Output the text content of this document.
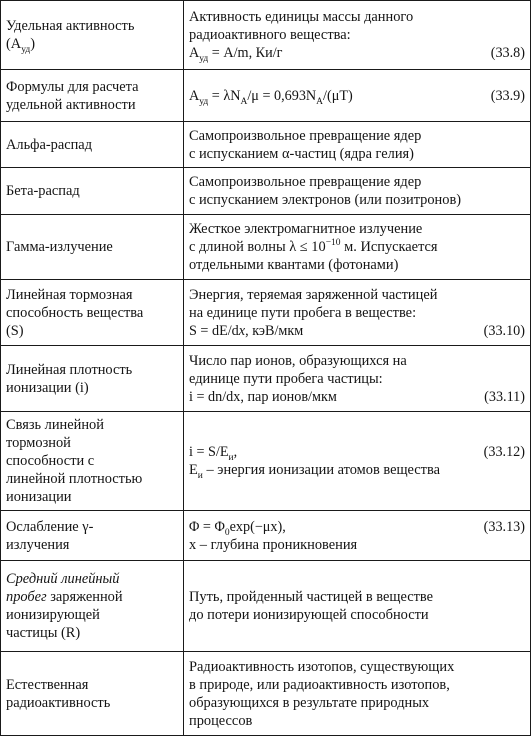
Удельная активность
$(A_{уд})$	Активность единицы массы данного
радиоактивного вещества:
$A_{уд} = A/m$, Ки/г (33.8)

Формулы для расчета
удельной активности	$A_{уд} = \lambda N_A/\mu = 0,693N_A/(\mu T)$ (33.9)

Альфа-распад	Самопроизвольное превращение ядер
с испусканием α-частиц (ядра гелия)

Бета-распад	Самопроизвольное превращение ядер
с испусканием электронов (или позитронов)

Гамма-излучение	Жесткое электромагнитное излучение
с длиной волны $\lambda \le 10^{-10}$ м. Испускается
отдельными квантами (фотонами)

Линейная тормозная
способность вещества
(S)	Энергия, теряемая заряженной частицей
на единице пути пробега в веществе:
S = dE/dx, кэВ/мкм (33.10)

Линейная плотность
ионизации (i)	Число пар ионов, образующихся на
единице пути пробега частицы:
i = dn/dx, пар ионов/мкм (33.11)

Связь линейной
тормозной
способности с
линейной плотностью
ионизации	$i = S/E_и$, (33.12)
$E_и$ – энергия ионизации атомов вещества

Ослабление γ-
излучения	$\Phi = \Phi_0\exp(-\mu x)$, (33.13)
x – глубина проникновения

Средний линейный
пробег заряженной
ионизирующей
частицы (R)	Путь, пройденный частицей в веществе
до потери ионизирующей способности

Естественная
радиоактивность	Радиоактивность изотопов, существующих
в природе, или радиоактивность изотопов,
образующихся в результате природных
процессов
